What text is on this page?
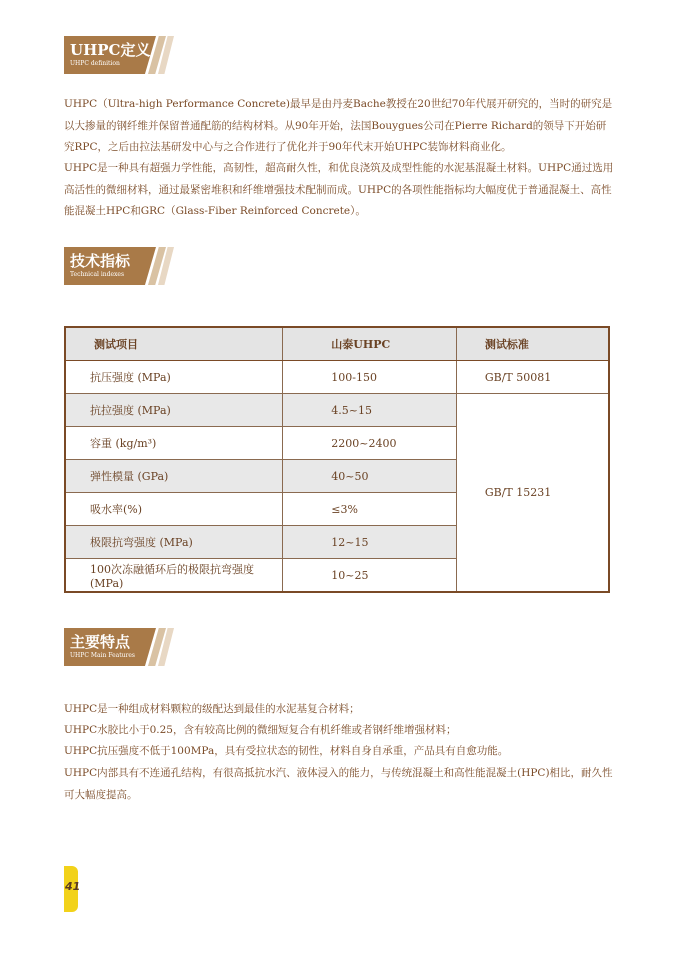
UHPC定义
UHPC definition

UHPC（Ultra-high Performance Concrete)最早是由丹麦Bache教授在20世纪70年代展开研究的，当时的研究是以大掺量的钢纤维并保留普通配筋的结构材料。从90年开始，法国Bouygues公司在Pierre Richard的领导下开始研究RPC，之后由拉法基研发中心与之合作进行了优化并于90年代末开始UHPC装饰材料商业化。

UHPC是一种具有超强力学性能，高韧性，超高耐久性，和优良浇筑及成型性能的水泥基混凝土材料。UHPC通过选用高活性的微细材料，通过最紧密堆积和纤维增强技术配制而成。UHPC的各项性能指标均大幅度优于普通混凝土、高性能混凝土HPC和GRC（Glass-Fiber Reinforced Concrete）。

技术指标
Technical indexes
测试项目	山泰UHPC	测试标准
抗压强度 (MPa)	100-150	GB/T 50081
抗拉强度 (MPa)	4.5~15	GB/T 15231
容重 (kg/m³)	2200~2400	
弹性模量 (GPa)	40~50	
吸水率(%)	≤3%	
极限抗弯强度 (MPa)	12~15	
100次冻融循环后的极限抗弯强度 (MPa)	10~25	
主要特点
UHPC Main Features

UHPC是一种组成材料颗粒的级配达到最佳的水泥基复合材料；

UHPC水胶比小于0.25，含有较高比例的微细短复合有机纤维或者钢纤维增强材料；

UHPC抗压强度不低于100MPa，具有受拉状态的韧性，材料自身自承重，产品具有自愈功能。

UHPC内部具有不连通孔结构，有很高抵抗水汽、液体浸入的能力，与传统混凝土和高性能混凝土(HPC)相比，耐久性可大幅度提高。

41
